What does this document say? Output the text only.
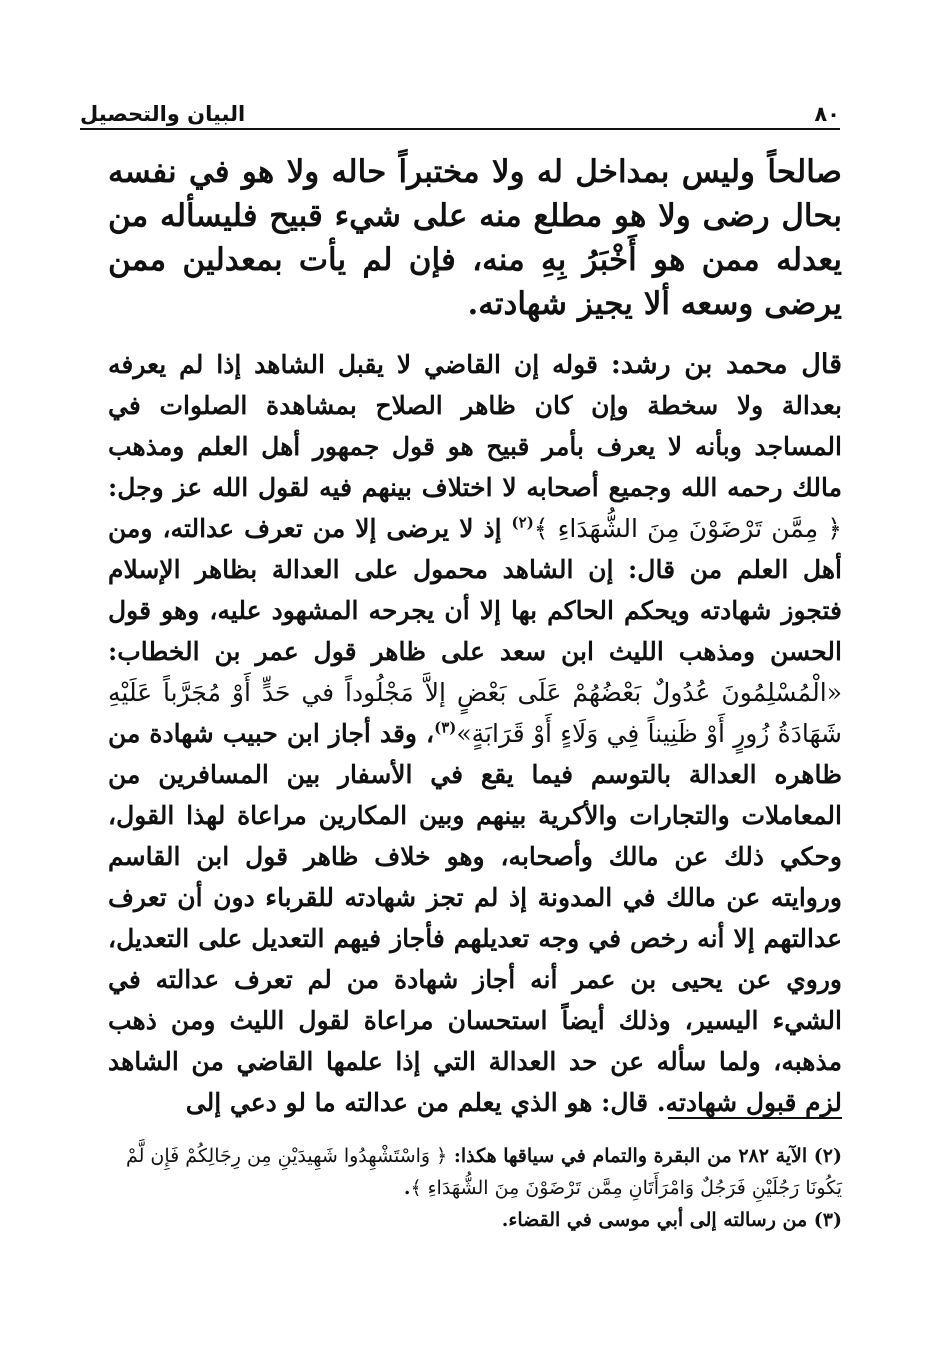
٨٠
البيان والتحصيل
صالحاً وليس بمداخل له ولا مختبراً حاله ولا هو في نفسه بحال رضى ولا هو مطلع منه على شيء قبيح فليسأله من يعدله ممن هو أَخْبَرُ بِهِ منه، فإن لم يأت بمعدلين ممن يرضى وسعه ألا يجيز شهادته.
قال محمد بن رشد: قوله إن القاضي لا يقبل الشاهد إذا لم يعرفه بعدالة ولا سخطة وإن كان ظاهر الصلاح بمشاهدة الصلوات في المساجد وبأنه لا يعرف بأمر قبيح هو قول جمهور أهل العلم ومذهب مالك رحمه الله وجميع أصحابه لا اختلاف بينهم فيه لقول الله عز وجل: ﴿ مِمَّن تَرْضَوْنَ مِنَ الشُّهَدَاءِ ﴾$^{(٢)}$ إذ لا يرضى إلا من تعرف عدالته، ومن أهل العلم من قال: إن الشاهد محمول على العدالة بظاهر الإسلام فتجوز شهادته ويحكم الحاكم بها إلا أن يجرحه المشهود عليه، وهو قول الحسن ومذهب الليث ابن سعد على ظاهر قول عمر بن الخطاب: «الْمُسْلِمُونَ عُدُولٌ بَعْضُهُمْ عَلَى بَعْضٍ إلاَّ مَجْلُوداً في حَدٍّ أَوْ مُجَرَّباً عَلَيْهِ شَهَادَةُ زُورٍ أَوْ ظَنِيناً فِي وَلَاءٍ أَوْ قَرَابَةٍ»$^{(٣)}$، وقد أجاز ابن حبيب شهادة من ظاهره العدالة بالتوسم فيما يقع في الأسفار بين المسافرين من المعاملات والتجارات والأكرية بينهم وبين المكارين مراعاة لهذا القول، وحكي ذلك عن مالك وأصحابه، وهو خلاف ظاهر قول ابن القاسم وروايته عن مالك في المدونة إذ لم تجز شهادته للقرباء دون أن تعرف عدالتهم إلا أنه رخص في وجه تعديلهم فأجاز فيهم التعديل على التعديل، وروي عن يحيى بن عمر أنه أجاز شهادة من لم تعرف عدالته في الشيء اليسير، وذلك أيضاً استحسان مراعاة لقول الليث ومن ذهب مذهبه، ولما سأله عن حد العدالة التي إذا علمها القاضي من الشاهد لزم قبول شهادته. قال: هو الذي يعلم من عدالته ما لو دعي إلى

(٢) الآية ٢٨٢ من البقرة والتمام في سياقها هكذا: ﴿ وَاسْتَشْهِدُوا شَهِيدَيْنِ مِن رِجَالِكُمْ فَإِن لَّمْ يَكُونَا رَجُلَيْنِ فَرَجُلٌ وَامْرَأَتَانِ مِمَّن تَرْضَوْنَ مِنَ الشُّهَدَاءِ ﴾.

(٣) من رسالته إلى أبي موسى في القضاء.
